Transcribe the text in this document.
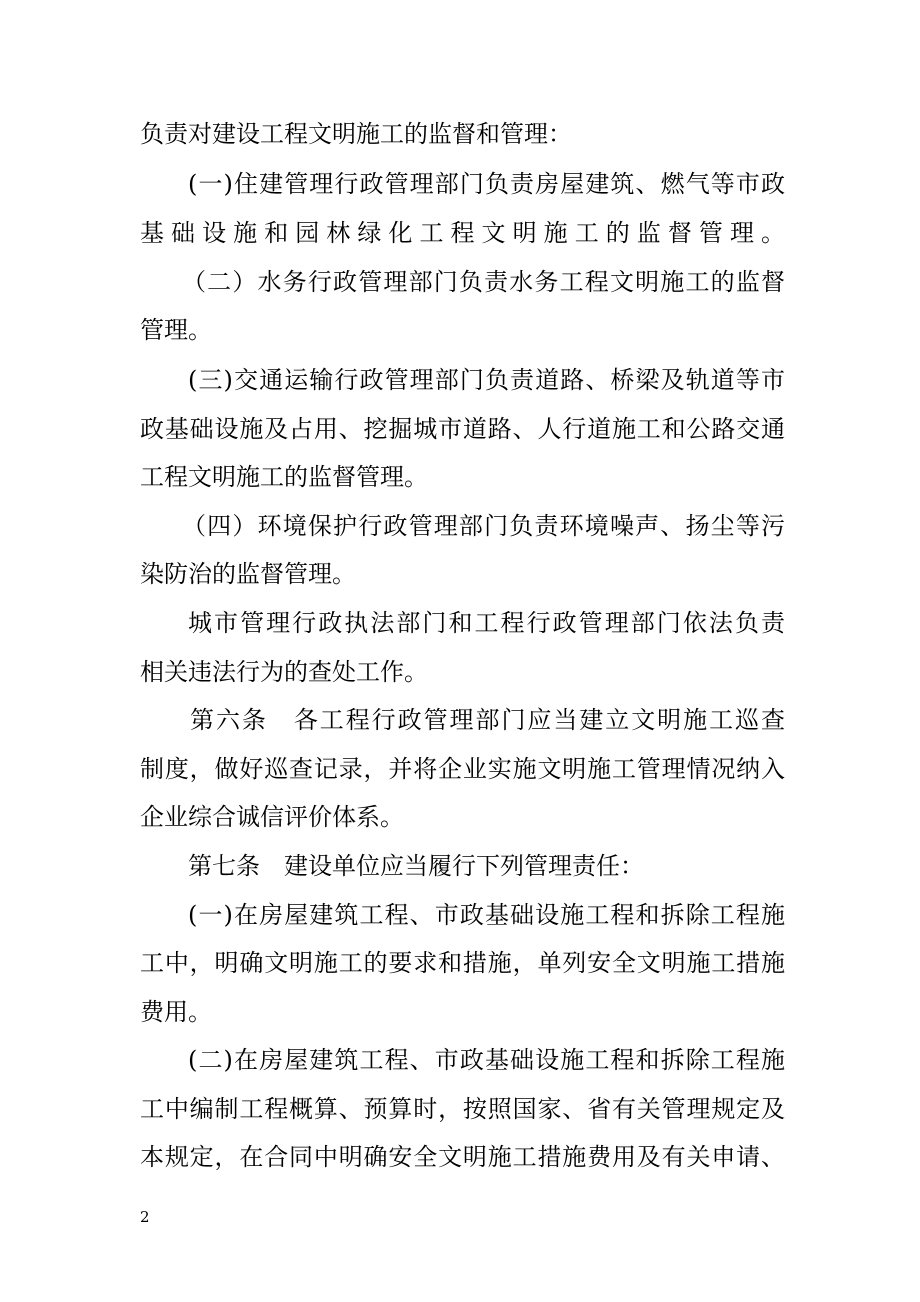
负责对建设工程文明施工的监督和管理：
(一)住建管理行政管理部门负责房屋建筑、燃气等市政
基础设施和园林绿化工程文明施工的监督管理。
（二）水务行政管理部门负责水务工程文明施工的监督
管理。
(三)交通运输行政管理部门负责道路、桥梁及轨道等市
政基础设施及占用、挖掘城市道路、人行道施工和公路交通
工程文明施工的监督管理。
（四）环境保护行政管理部门负责环境噪声、扬尘等污
染防治的监督管理。
城市管理行政执法部门和工程行政管理部门依法负责
相关违法行为的查处工作。
第六条　各工程行政管理部门应当建立文明施工巡查
制度，做好巡查记录，并将企业实施文明施工管理情况纳入
企业综合诚信评价体系。
第七条　建设单位应当履行下列管理责任：
(一)在房屋建筑工程、市政基础设施工程和拆除工程施
工中，明确文明施工的要求和措施，单列安全文明施工措施
费用。
(二)在房屋建筑工程、市政基础设施工程和拆除工程施
工中编制工程概算、预算时，按照国家、省有关管理规定及
本规定，在合同中明确安全文明施工措施费用及有关申请、
2
